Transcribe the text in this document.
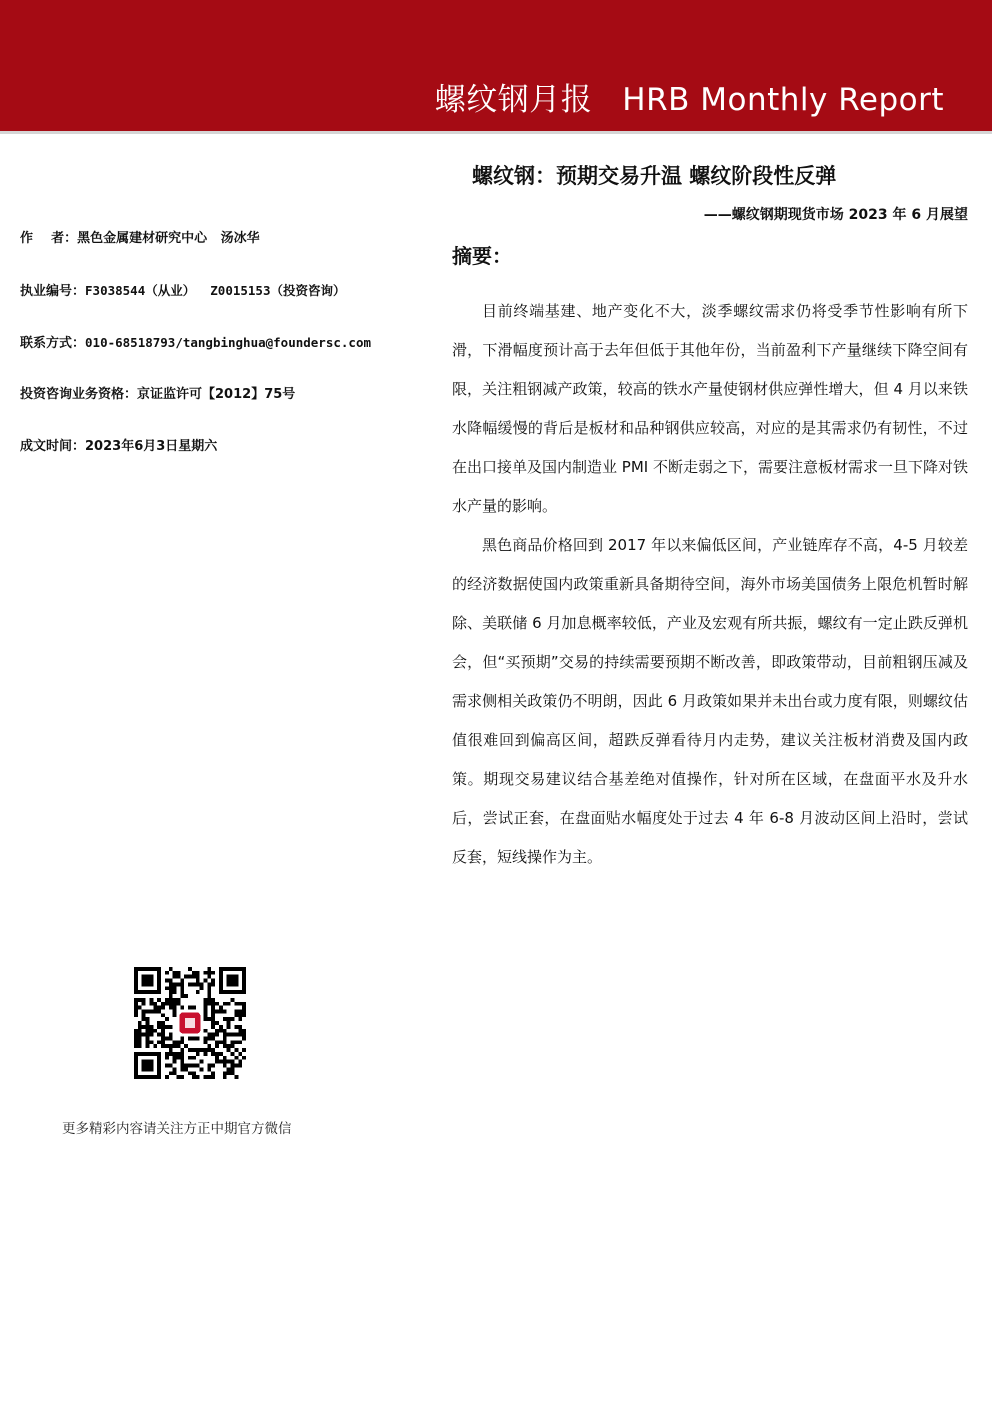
螺纹钢月报 HRB Monthly Report
作    者：黑色金属建材研究中心   汤冰华
执业编号：F3038544（从业）  Z0015153（投资咨询）
联系方式：010-68518793/tangbinghua@foundersc.com
投资咨询业务资格：京证监许可【2012】75号
成文时间：2023年6月3日星期六
更多精彩内容请关注方正中期官方微信
螺纹钢：预期交易升温 螺纹阶段性反弹
——螺纹钢期现货市场 2023 年 6 月展望
摘要：

目前终端基建、地产变化不大，淡季螺纹需求仍将受季节性影响有所下滑，下滑幅度预计高于去年但低于其他年份，当前盈利下产量继续下降空间有限，关注粗钢减产政策，较高的铁水产量使钢材供应弹性增大，但 4 月以来铁水降幅缓慢的背后是板材和品种钢供应较高，对应的是其需求仍有韧性，不过在出口接单及国内制造业 PMI 不断走弱之下，需要注意板材需求一旦下降对铁水产量的影响。

黑色商品价格回到 2017 年以来偏低区间，产业链库存不高，4-5 月较差的经济数据使国内政策重新具备期待空间，海外市场美国债务上限危机暂时解除、美联储 6 月加息概率较低，产业及宏观有所共振，螺纹有一定止跌反弹机会，但“买预期”交易的持续需要预期不断改善，即政策带动，目前粗钢压减及需求侧相关政策仍不明朗，因此 6 月政策如果并未出台或力度有限，则螺纹估值很难回到偏高区间，超跌反弹看待月内走势，建议关注板材消费及国内政策。期现交易建议结合基差绝对值操作，针对所在区域，在盘面平水及升水后，尝试正套，在盘面贴水幅度处于过去 4 年 6-8 月波动区间上沿时，尝试反套，短线操作为主。
